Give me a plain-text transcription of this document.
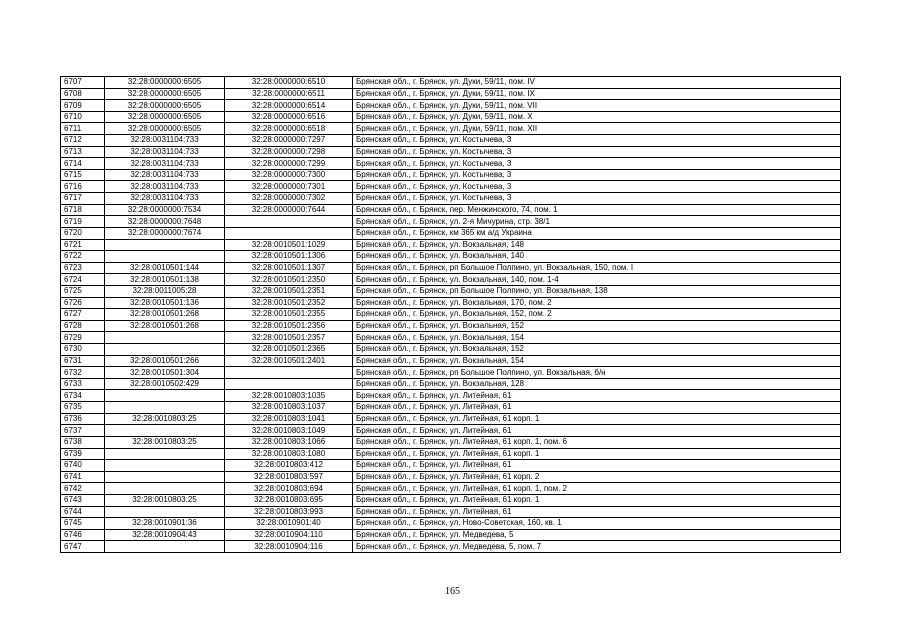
6707	32:28:0000000:6505	32:28:0000000:6510	Брянская обл., г. Брянск, ул. Дуки, 59/11, пом. IV
6708	32:28:0000000:6505	32:28:0000000:6511	Брянская обл., г. Брянск, ул. Дуки, 59/11, пом. IX
6709	32:28:0000000:6505	32:28:0000000:6514	Брянская обл., г. Брянск, ул. Дуки, 59/11, пом. VII
6710	32:28:0000000:6505	32:28:0000000:6516	Брянская обл., г. Брянск, ул. Дуки, 59/11, пом. X
6711	32:28:0000000:6505	32:28:0000000:6518	Брянская обл., г. Брянск, ул. Дуки, 59/11, пом. XII
6712	32:28:0031104:733	32:28:0000000:7297	Брянская обл., г. Брянск, ул. Костычева, 3
6713	32:28:0031104:733	32:28:0000000:7298	Брянская обл., г. Брянск, ул. Костычева, 3
6714	32:28:0031104:733	32:28:0000000:7299	Брянская обл., г. Брянск, ул. Костычева, 3
6715	32:28:0031104:733	32:28:0000000:7300	Брянская обл., г. Брянск, ул. Костычева, 3
6716	32:28:0031104:733	32:28:0000000:7301	Брянская обл., г. Брянск, ул. Костычева, 3
6717	32:28:0031104:733	32:28:0000000:7302	Брянская обл., г. Брянск, ул. Костычева, 3
6718	32:28:0000000:7534	32:28:0000000:7644	Брянская обл., г. Брянск, пер. Менжинского, 74, пом. 1
6719	32:28:0000000:7648		Брянская обл., г. Брянск, ул. 2-я Мичурина, стр. 38/1
6720	32:28:0000000:7674		Брянская обл., г. Брянск, км 365 км а/д Украина
6721		32:28:0010501:1029	Брянская обл., г. Брянск, ул. Вокзальная, 148
6722		32:28:0010501:1306	Брянская обл., г. Брянск, ул. Вокзальная, 140
6723	32:28:0010501:144	32:28:0010501:1307	Брянская обл., г. Брянск, рп Большое Полпино, ул. Вокзальная, 150, пом. I
6724	32:28:0010501:138	32:28:0010501:2350	Брянская обл., г. Брянск, ул. Вокзальная, 140, пом. 1-4
6725	32:28:0011005:28	32:28:0010501:2351	Брянская обл., г. Брянск, рп Большое Полпино, ул. Вокзальная, 138
6726	32:28:0010501:136	32:28:0010501:2352	Брянская обл., г. Брянск, ул. Вокзальная, 170, пом. 2
6727	32:28:0010501:268	32:28:0010501:2355	Брянская обл., г. Брянск, ул. Вокзальная, 152, пом. 2
6728	32:28:0010501:268	32:28:0010501:2356	Брянская обл., г. Брянск, ул. Вокзальная, 152
6729		32:28:0010501:2357	Брянская обл., г. Брянск, ул. Вокзальная, 154
6730		32:28:0010501:2365	Брянская обл., г. Брянск, ул. Вокзальная, 152
6731	32:28:0010501:266	32:28:0010501:2401	Брянская обл., г. Брянск, ул. Вокзальная, 154
6732	32:28:0010501:304		Брянская обл., г. Брянск, рп Большое Полпино, ул. Вокзальная, б/н
6733	32:28:0010502:429		Брянская обл., г. Брянск, ул. Вокзальная, 128
6734		32:28:0010803:1035	Брянская обл., г. Брянск, ул. Литейная, 61
6735		32:28:0010803:1037	Брянская обл., г. Брянск, ул. Литейная, 61
6736	32:28:0010803:25	32:28:0010803:1041	Брянская обл., г. Брянск, ул. Литейная, 61 корп. 1
6737		32:28:0010803:1049	Брянская обл., г. Брянск, ул. Литейная, 61
6738	32:28:0010803:25	32:28:0010803:1066	Брянская обл., г. Брянск, ул. Литейная, 61 корп. 1, пом. 6
6739		32:28:0010803:1080	Брянская обл., г. Брянск, ул. Литейная, 61 корп. 1
6740		32:28:0010803:412	Брянская обл., г. Брянск, ул. Литейная, 61
6741		32:28:0010803:597	Брянская обл., г. Брянск, ул. Литейная, 61 корп. 2
6742		32:28:0010803:694	Брянская обл., г. Брянск, ул. Литейная, 61 корп. 1, пом. 2
6743	32:28:0010803:25	32:28:0010803:695	Брянская обл., г. Брянск, ул. Литейная, 61 корп. 1
6744		32:28:0010803:993	Брянская обл., г. Брянск, ул. Литейная, 61
6745	32:28:0010901:36	32:28:0010901:40	Брянская обл., г. Брянск, ул. Ново-Советская, 160, кв. 1
6746	32:28:0010904:43	32:28:0010904:110	Брянская обл., г. Брянск, ул. Медведева, 5
6747		32:28:0010904:116	Брянская обл., г. Брянск, ул. Медведева, 5, пом. 7
165
